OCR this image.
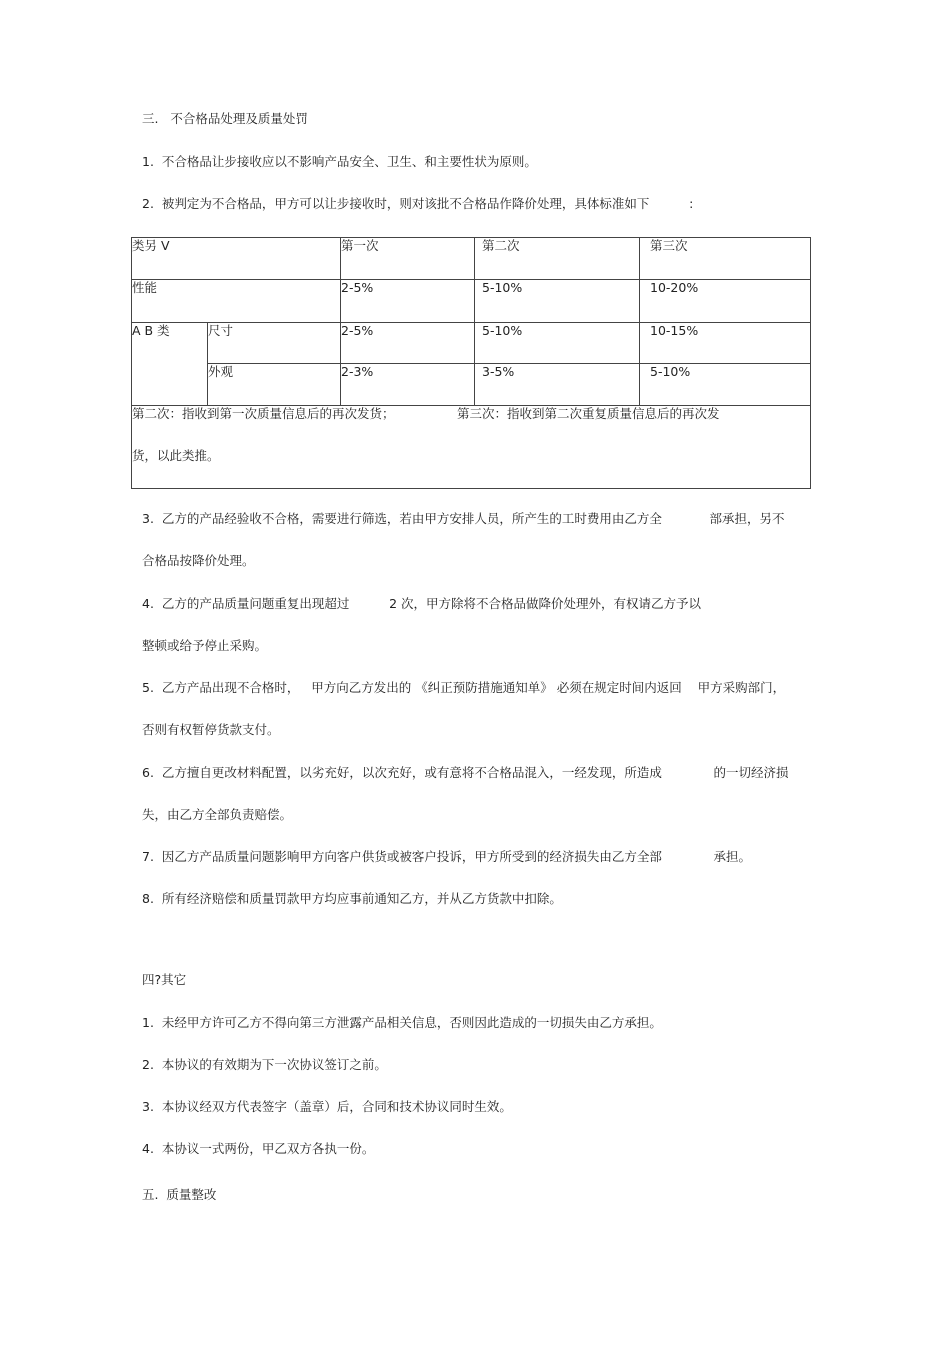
三.   不合格品处理及质量处罚
1.  不合格品让步接收应以不影响产品安全、卫生、和主要性状为原则。
2.  被判定为不合格品，甲方可以让步接收时，则对该批不合格品作降价处理，具体标准如下          :
类另 V	第一次	第二次	第三次
性能	2-5%	5-10%	10-20%
A B 类	尺寸	2-5%	5-10%	10-15%
外观	2-3%	3-5%	5-10%
第二次：指收到第一次质量信息后的再次发货；	第三次：指收到第二次重复质量信息后的再次发
货，以此类推。
3.  乙方的产品经验收不合格，需要进行筛选，若由甲方安排人员，所产生的工时费用由乙方全            部承担，另不
合格品按降价处理。
4.  乙方的产品质量问题重复出现超过          2 次，甲方除将不合格品做降价处理外，有权请乙方予以
整顿或给予停止采购。
5.  乙方产品出现不合格时，   甲方向乙方发出的 《纠正预防措施通知单》 必须在规定时间内返回    甲方采购部门，
否则有权暂停货款支付。
6.  乙方擅自更改材料配置，以劣充好，以次充好，或有意将不合格品混入，一经发现，所造成             的一切经济损
失，由乙方全部负责赔偿。
7.  因乙方产品质量问题影响甲方向客户供货或被客户投诉，甲方所受到的经济损失由乙方全部             承担。
8.  所有经济赔偿和质量罚款甲方均应事前通知乙方，并从乙方货款中扣除。
四?其它
1.  未经甲方许可乙方不得向第三方泄露产品相关信息，否则因此造成的一切损失由乙方承担。
2.  本协议的有效期为下一次协议签订之前。
3.  本协议经双方代表签字（盖章）后，合同和技术协议同时生效。
4.  本协议一式两份，甲乙双方各执一份。
五.  质量整改
